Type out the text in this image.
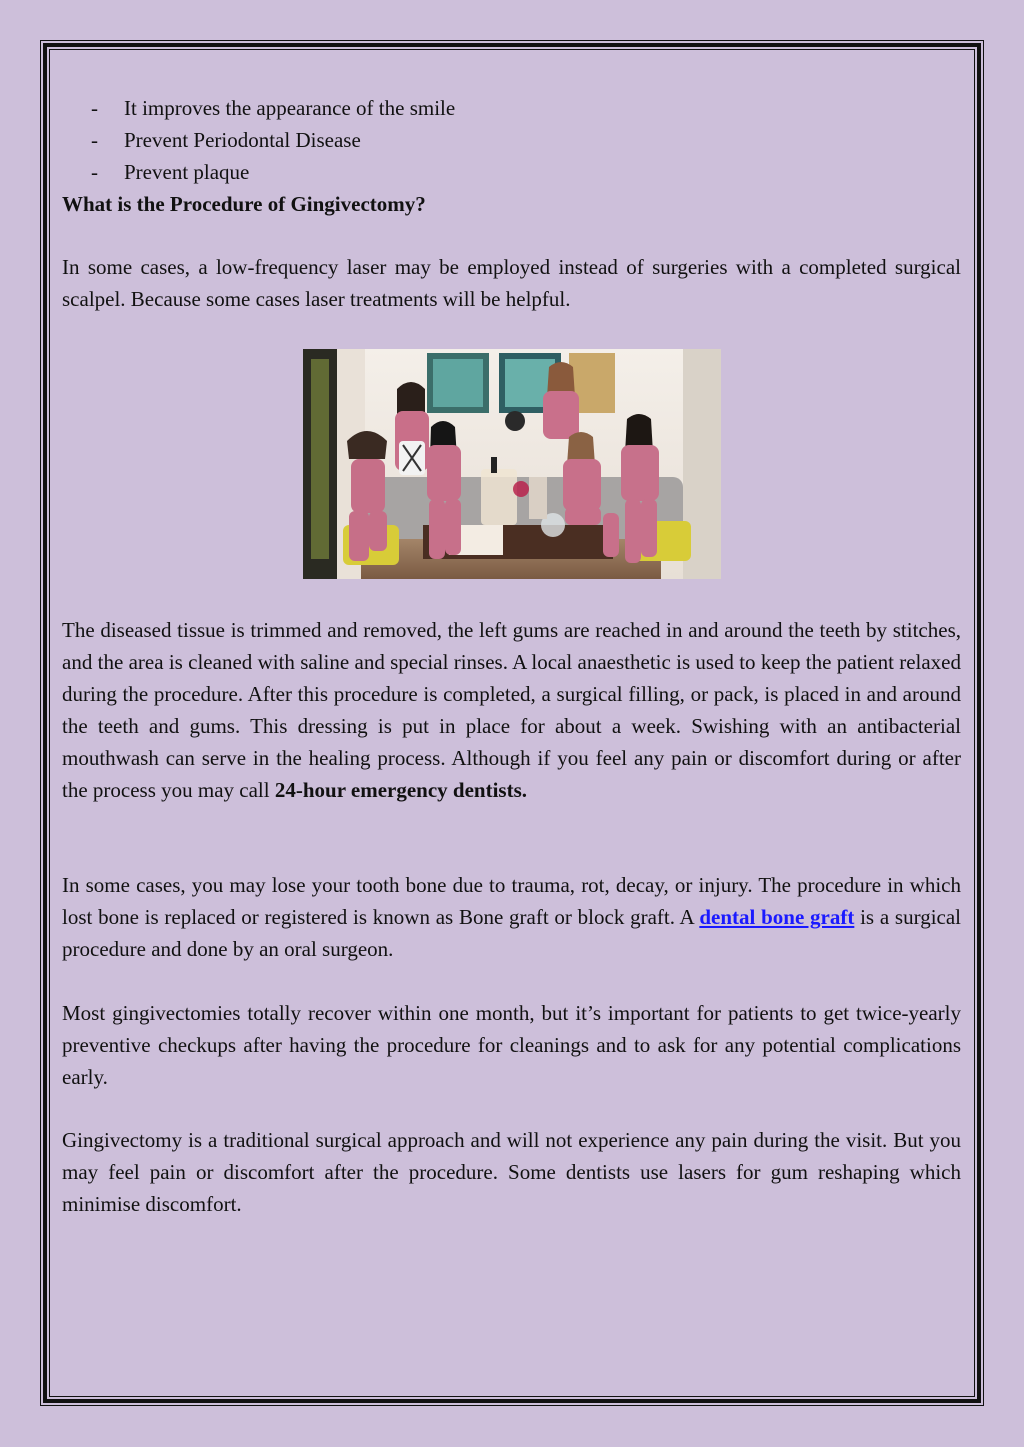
- It improves the appearance of the smile
- Prevent Periodontal Disease
- Prevent plaque
What is the Procedure of Gingivectomy?

In some cases, a low-frequency laser may be employed instead of surgeries with a completed surgical scalpel. Because some cases laser treatments will be helpful.

The diseased tissue is trimmed and removed, the left gums are reached in and around the teeth by stitches, and the area is cleaned with saline and special rinses. A local anaesthetic is used to keep the patient relaxed during the procedure. After this procedure is completed, a surgical filling, or pack, is placed in and around the teeth and gums. This dressing is put in place for about a week. Swishing with an antibacterial mouthwash can serve in the healing process. Although if you feel any pain or discomfort during or after the process you may call 24-hour emergency dentists.

In some cases, you may lose your tooth bone due to trauma, rot, decay, or injury. The procedure in which lost bone is replaced or registered is known as Bone graft or block graft. A dental bone graft is a surgical procedure and done by an oral surgeon.

Most gingivectomies totally recover within one month, but it’s important for patients to get twice-yearly preventive checkups after having the procedure for cleanings and to ask for any potential complications early.

Gingivectomy is a traditional surgical approach and will not experience any pain during the visit. But you may feel pain or discomfort after the procedure. Some dentists use lasers for gum reshaping which minimise discomfort.
